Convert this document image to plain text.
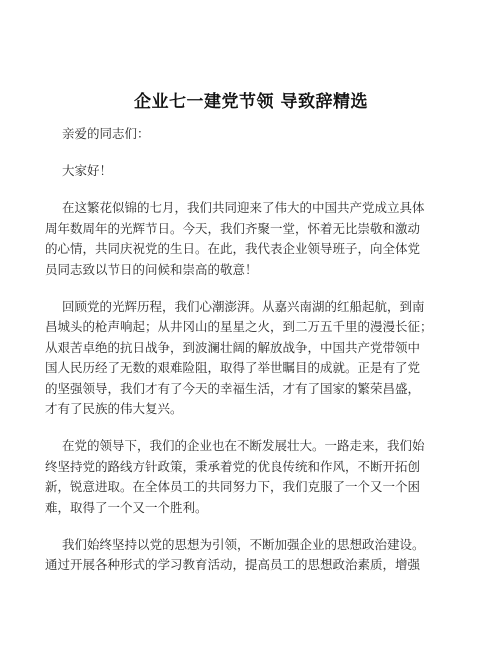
企业七一建党节领 导致辞精选
亲爱的同志们：
大家好！
在这繁花似锦的七月，我们共同迎来了伟大的中国共产党成立具体
周年数周年的光辉节日。今天，我们齐聚一堂，怀着无比崇敬和激动
的心情，共同庆祝党的生日。在此，我代表企业领导班子，向全体党
员同志致以节日的问候和崇高的敬意！
回顾党的光辉历程，我们心潮澎湃。从嘉兴南湖的红船起航，到南
昌城头的枪声响起；从井冈山的星星之火，到二万五千里的漫漫长征；
从艰苦卓绝的抗日战争，到波澜壮阔的解放战争，中国共产党带领中
国人民历经了无数的艰难险阻，取得了举世瞩目的成就。正是有了党
的坚强领导，我们才有了今天的幸福生活，才有了国家的繁荣昌盛，
才有了民族的伟大复兴。
在党的领导下，我们的企业也在不断发展壮大。一路走来，我们始
终坚持党的路线方针政策，秉承着党的优良传统和作风，不断开拓创
新，锐意进取。在全体员工的共同努力下，我们克服了一个又一个困
难，取得了一个又一个胜利。
我们始终坚持以党的思想为引领，不断加强企业的思想政治建设。
通过开展各种形式的学习教育活动，提高员工的思想政治素质，增强
